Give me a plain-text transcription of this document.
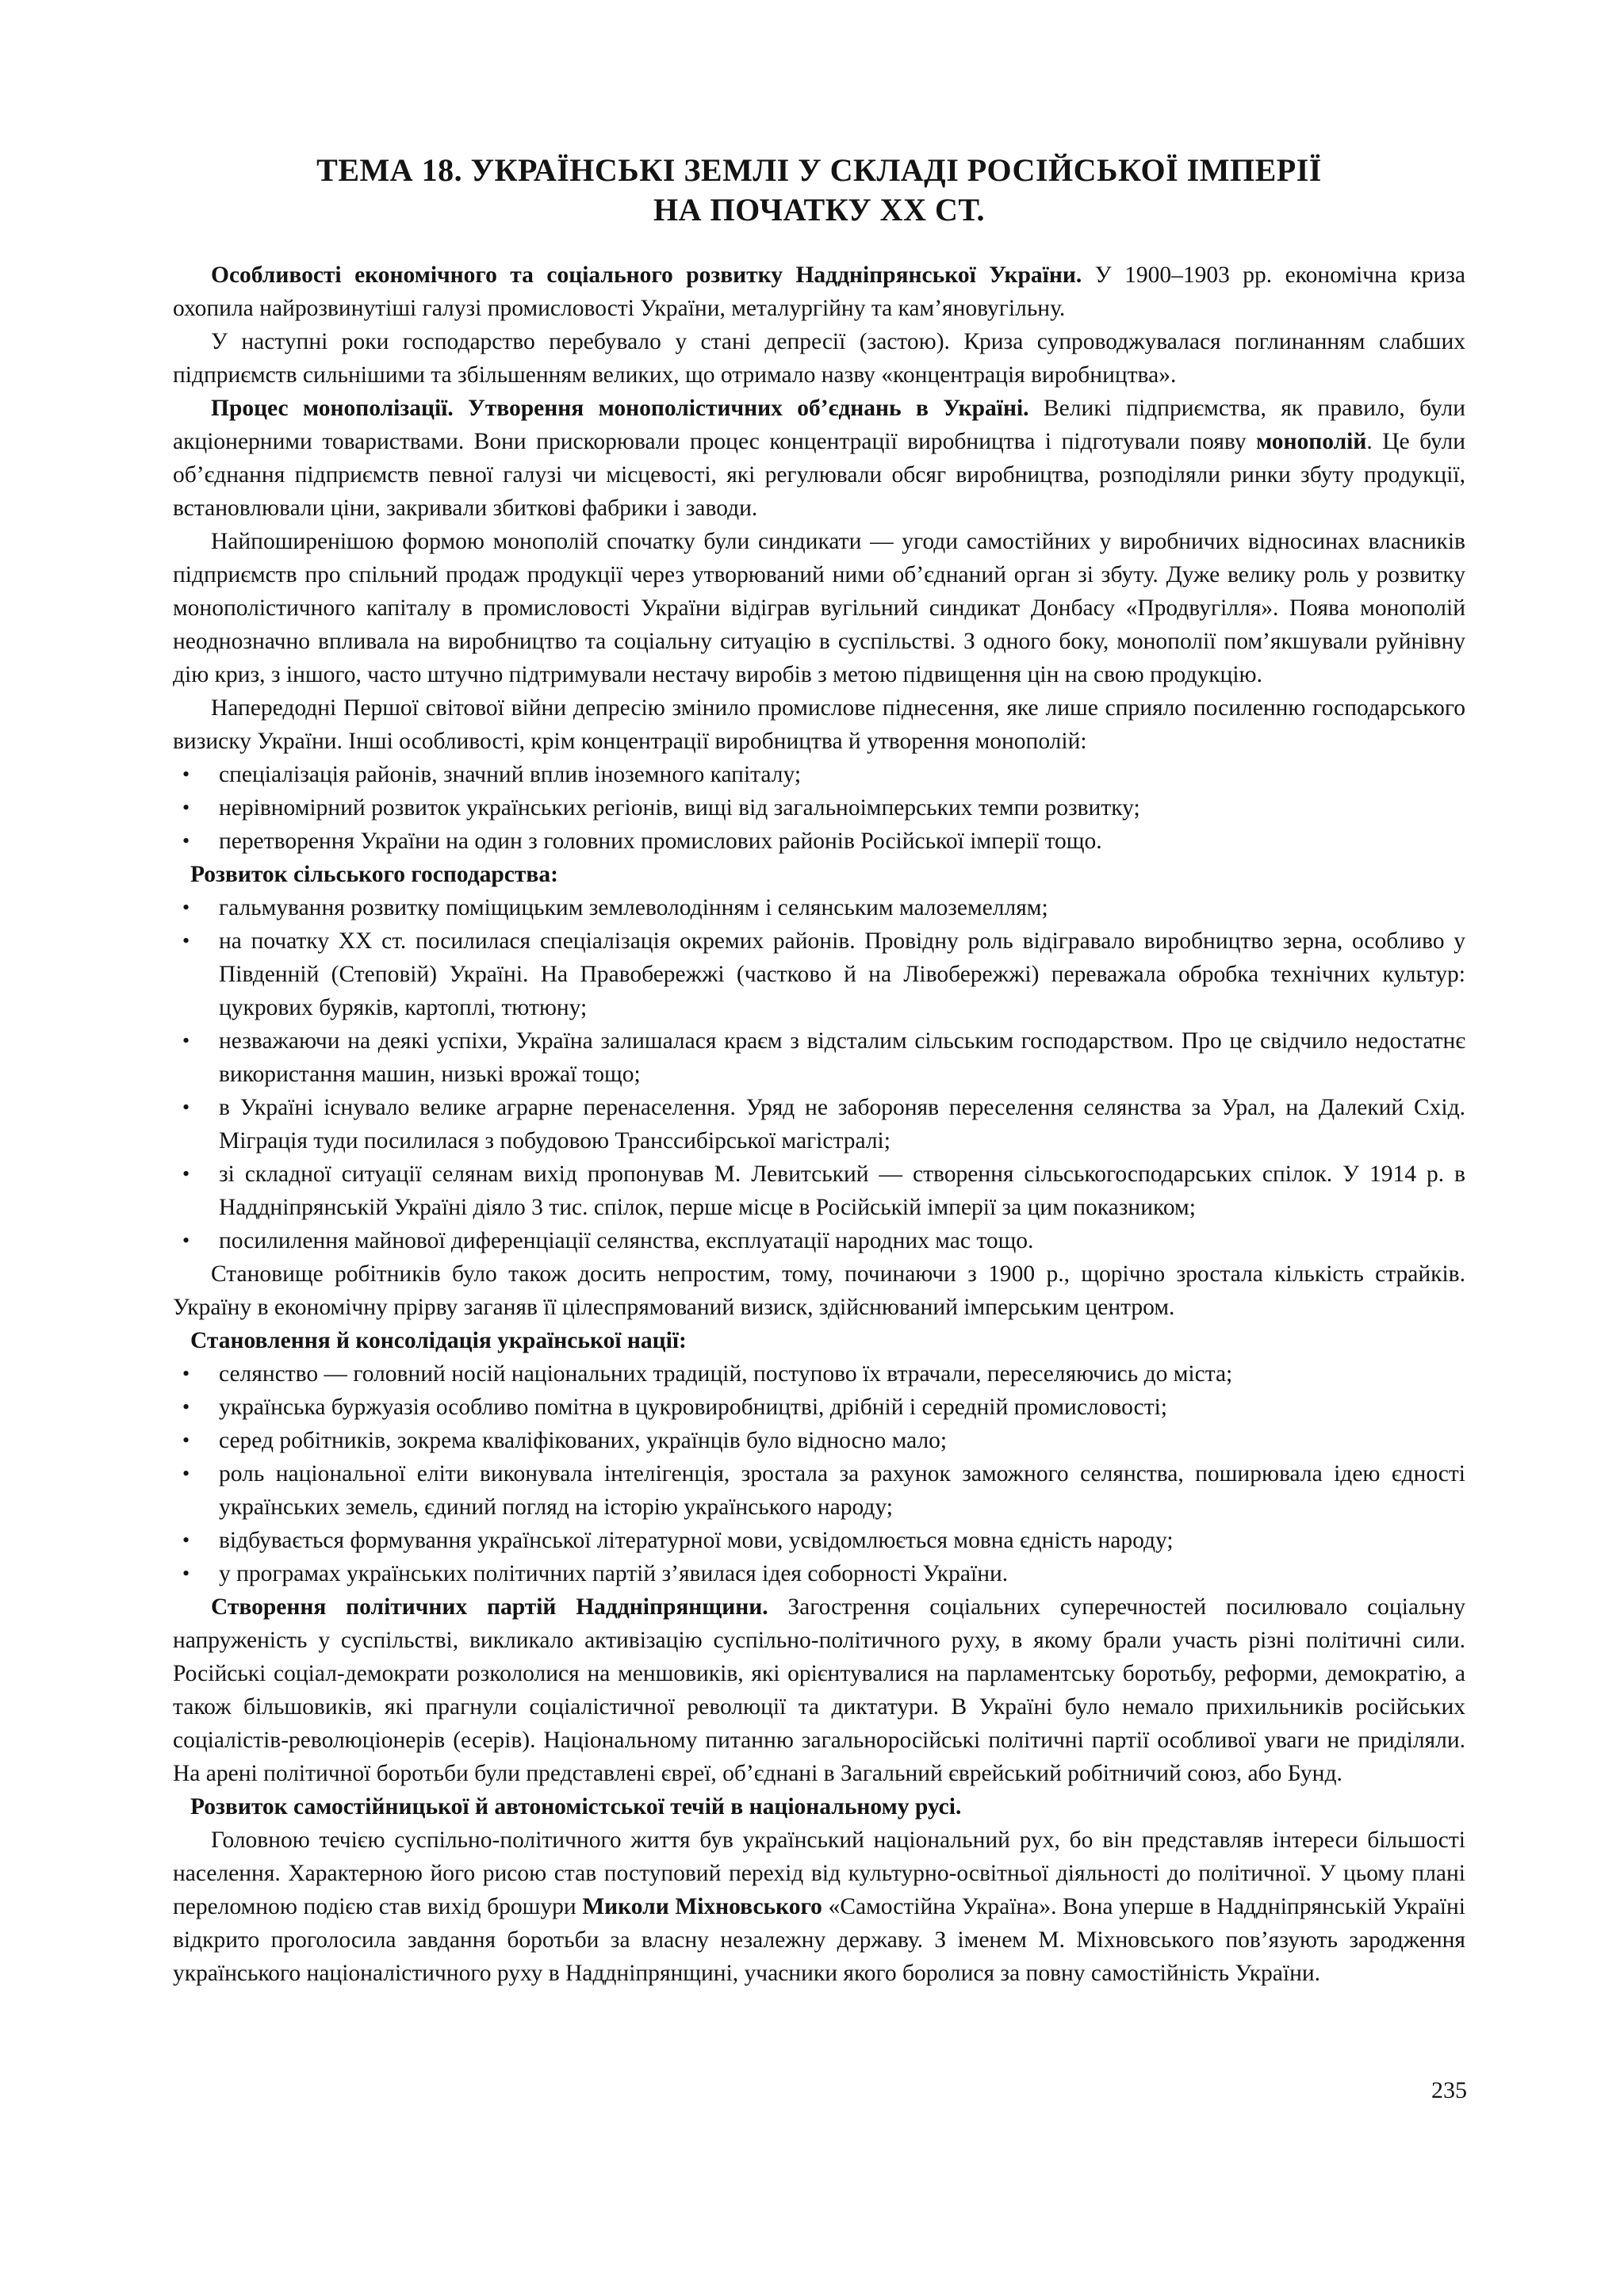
ТЕМА 18. УКРАЇНСЬКІ ЗЕМЛІ У СКЛАДІ РОСІЙСЬКОЇ ІМПЕРІЇ
НА ПОЧАТКУ ХХ СТ.

Особливості економічного та соціального розвитку Наддніпрянської України. У 1900–1903 рр. економічна криза охопила найрозвинутіші галузі промисловості України, металургійну та кам’яновугільну.

У наступні роки господарство перебувало у стані депресії (застою). Криза супроводжувалася поглинанням слабших підприємств сильнішими та збільшенням великих, що отримало назву «концентрація виробництва».

Процес монополізації. Утворення монополістичних об’єднань в Україні. Великі підприємства, як правило, були акціонерними товариствами. Вони прискорювали процес концентрації виробництва і підготували появу монополій. Це були об’єднання підприємств певної галузі чи місцевості, які регулювали обсяг виробництва, розподіляли ринки збуту продукції, встановлювали ціни, закривали збиткові фабрики і заводи.

Найпоширенішою формою монополій спочатку були синдикати — угоди самостійних у виробничих відносинах власників підприємств про спільний продаж продукції через утворюваний ними об’єднаний орган зі збуту. Дуже велику роль у розвитку монополістичного капіталу в промисловості України відіграв вугільний синдикат Донбасу «Продвугілля». Поява монополій неоднозначно впливала на виробництво та соціальну ситуацію в суспільстві. З одного боку, монополії пом’якшували руйнівну дію криз, з іншого, часто штучно підтримували нестачу виробів з метою підвищення цін на свою продукцію.

Напередодні Першої світової війни депресію змінило промислове піднесення, яке лише сприяло посиленню господарського визиску України. Інші особливості, крім концентрації виробництва й утворення монополій:

• спеціалізація районів, значний вплив іноземного капіталу;
• нерівномірний розвиток українських регіонів, вищі від загальноімперських темпи розвитку;
• перетворення України на один з головних промислових районів Російської імперії тощо.
Розвиток сільського господарства:
• гальмування розвитку поміщицьким землеволодінням і селянським малоземеллям;
• на початку ХХ ст. посилилася спеціалізація окремих районів. Провідну роль відігравало виробництво зерна, особливо у Південній (Степовій) Україні. На Правобережжі (частково й на Лівобережжі) переважала обробка технічних культур: цукрових буряків, картоплі, тютюну;
• незважаючи на деякі успіхи, Україна залишалася краєм з відсталим сільським господарством. Про це свідчило недостатнє використання машин, низькі врожаї тощо;
• в Україні існувало велике аграрне перенаселення. Уряд не забороняв переселення селянства за Урал, на Далекий Схід. Міграція туди посилилася з побудовою Транссибірської магістралі;
• зі складної ситуації селянам вихід пропонував М. Левитський — створення сільськогосподарських спілок. У 1914 р. в Наддніпрянській Україні діяло 3 тис. спілок, перше місце в Російській імперії за цим показником;
• посилилення майнової диференціації селянства, експлуатації народних мас тощо.

Становище робітників було також досить непростим, тому, починаючи з 1900 р., щорічно зростала кількість страйків. Україну в економічну прірву заганяв її цілеспрямований визиск, здійснюваний імперським центром.

Становлення й консолідація української нації:
• селянство — головний носій національних традицій, поступово їх втрачали, переселяючись до міста;
• українська буржуазія особливо помітна в цукровиробництві, дрібній і середній промисловості;
• серед робітників, зокрема кваліфікованих, українців було відносно мало;
• роль національної еліти виконувала інтелігенція, зростала за рахунок заможного селянства, поширювала ідею єдності українських земель, єдиний погляд на історію українського народу;
• відбувається формування української літературної мови, усвідомлюється мовна єдність народу;
• у програмах українських політичних партій з’явилася ідея соборності України.

Створення політичних партій Наддніпрянщини. Загострення соціальних суперечностей посилювало соціальну напруженість у суспільстві, викликало активізацію суспільно-політичного руху, в якому брали участь різні політичні сили. Російські соціал-демократи розкололися на меншовиків, які орієнтувалися на парламентську боротьбу, реформи, демократію, а також більшовиків, які прагнули соціалістичної революції та диктатури. В Україні було немало прихильників російських соціалістів-революціонерів (есерів). Національному питанню загальноросійські політичні партії особливої уваги не приділяли. На арені політичної боротьби були представлені євреї, об’єднані в Загальний єврейський робітничий союз, або Бунд.

Розвиток самостійницької й автономістської течій в національному русі.

Головною течією суспільно-політичного життя був український національний рух, бо він представляв інтереси більшості населення. Характерною його рисою став поступовий перехід від культурно-освітньої діяльності до політичної. У цьому плані переломною подією став вихід брошури Миколи Міхновського «Самостійна Україна». Вона уперше в Наддніпрянській Україні відкрито проголосила завдання боротьби за власну незалежну державу. З іменем М. Міхновського пов’язують зародження українського націоналістичного руху в Наддніпрянщині, учасники якого боролися за повну самостійність України.

235
